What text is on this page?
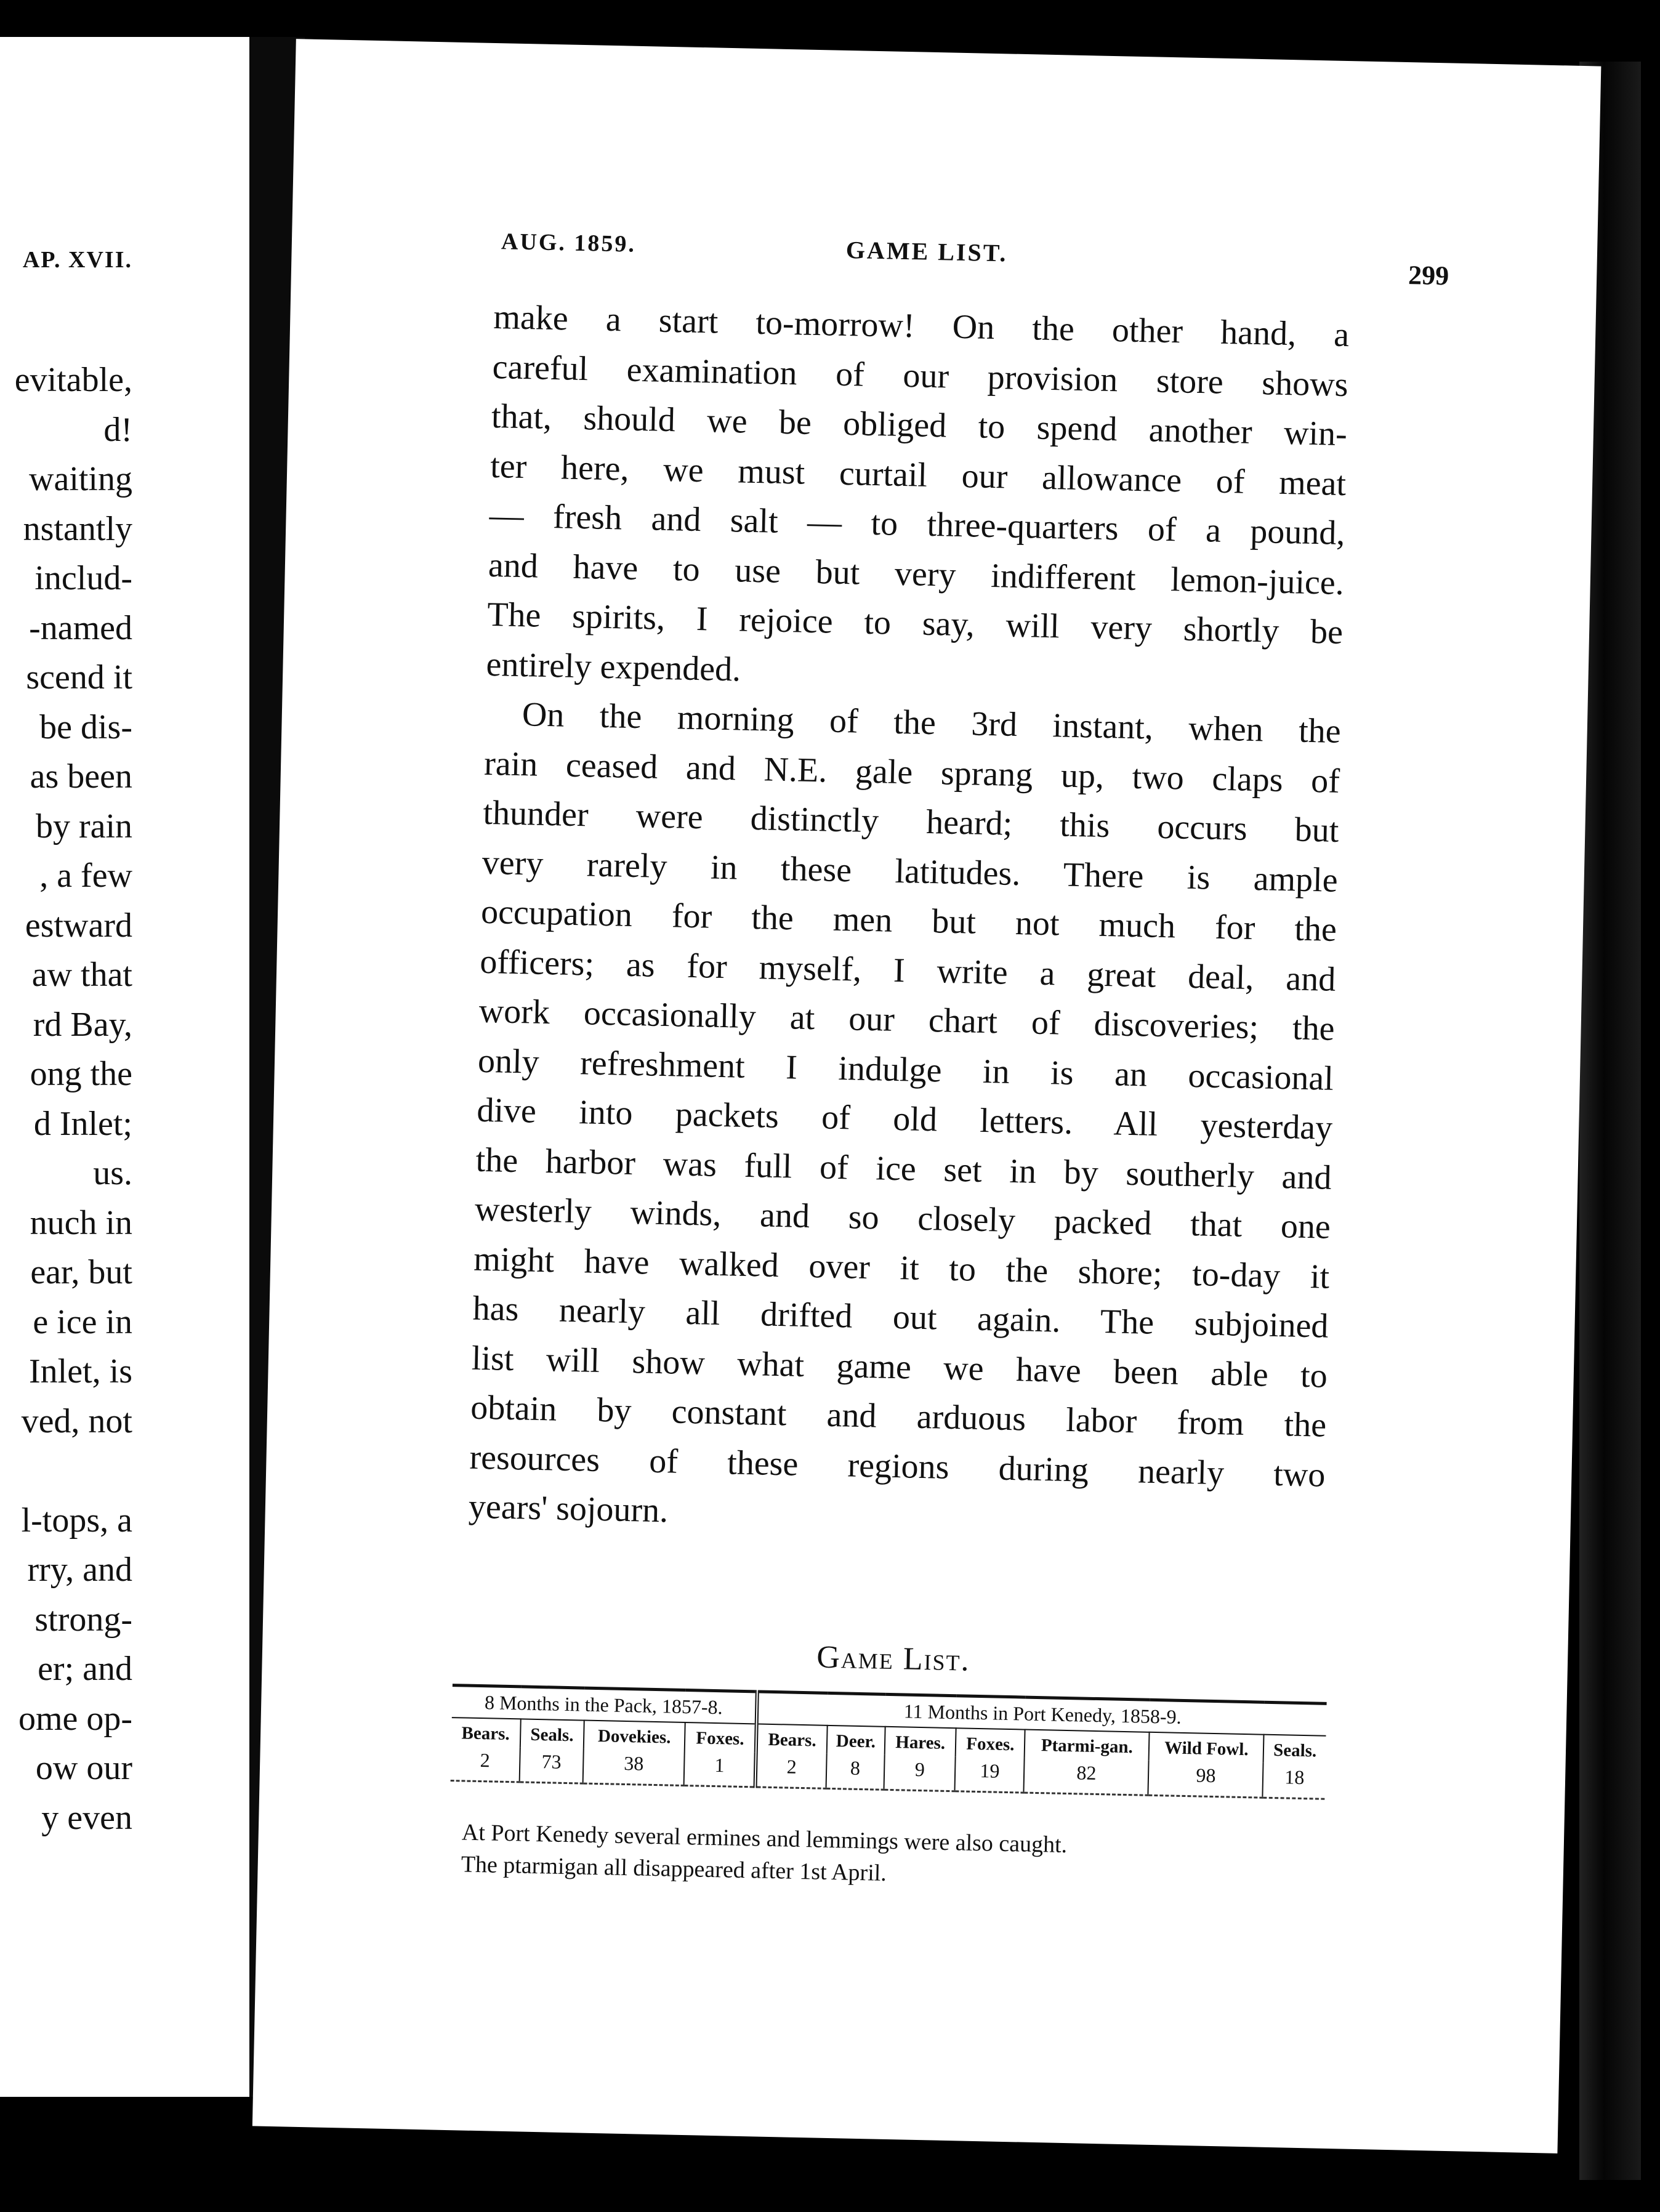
AP. XVII.
evitable,
d!
waiting
nstantly
includ-
-named
scend it
be dis-
as been
by rain
, a few
estward
aw that
rd Bay,
ong the
d Inlet;
us.
nuch in
ear, but
e ice in
Inlet, is
ved, not
l-tops, a
rry, and
strong-
er; and
ome op-
ow our
y even
AUG. 1859.	GAME LIST.
299

make a start to-morrow! On the other hand, a
careful examination of our provision store shows
that, should we be obliged to spend another win-
ter here, we must curtail our allowance of meat
— fresh and salt — to three-quarters of a pound,
and have to use but very indifferent lemon-juice.
The spirits, I rejoice to say, will very shortly be
entirely expended.

On the morning of the 3rd instant, when the
rain ceased and N.E. gale sprang up, two claps of
thunder were distinctly heard; this occurs but
very rarely in these latitudes. There is ample
occupation for the men but not much for the
officers; as for myself, I write a great deal, and
work occasionally at our chart of discoveries; the
only refreshment I indulge in is an occasional
dive into packets of old letters. All yesterday
the harbor was full of ice set in by southerly and
westerly winds, and so closely packed that one
might have walked over it to the shore; to-day it
has nearly all drifted out again. The subjoined
list will show what game we have been able to
obtain by constant and arduous labor from the
resources of these regions during nearly two
years' sojourn.

Game List.
8 Months in the Pack, 1857-8.				11 Months in Port Kenedy, 1858-9.						
Bears.	Seals.	Dovekies.	Foxes.	Bears.	Deer.	Hares.	Foxes.	Ptarmi-gan.	Wild Fowl.	Seals.
2	73	38	1	2	8	9	19	82	98	18
At Port Kenedy several ermines and lemmings were also caught.
The ptarmigan all disappeared after 1st April.
